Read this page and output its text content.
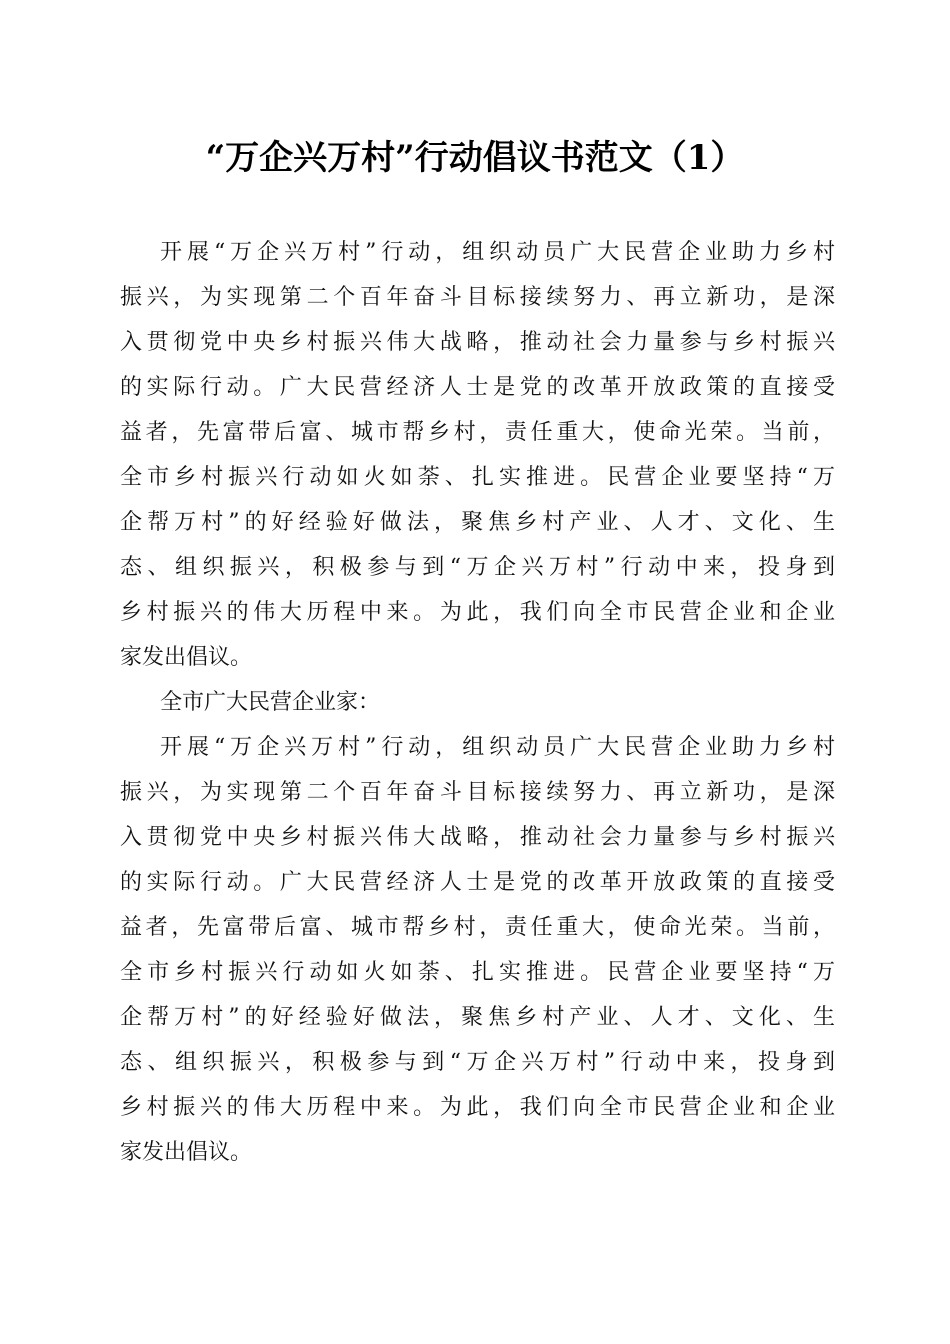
“万企兴万村”行动倡议书范文（1）
开展“万企兴万村”行动，组织动员广大民营企业助力乡村
振兴，为实现第二个百年奋斗目标接续努力、再立新功，是深
入贯彻党中央乡村振兴伟大战略，推动社会力量参与乡村振兴
的实际行动。广大民营经济人士是党的改革开放政策的直接受
益者，先富带后富、城市帮乡村，责任重大，使命光荣。当前，
全市乡村振兴行动如火如荼、扎实推进。民营企业要坚持“万
企帮万村”的好经验好做法，聚焦乡村产业、人才、文化、生
态、组织振兴，积极参与到“万企兴万村”行动中来，投身到
乡村振兴的伟大历程中来。为此，我们向全市民营企业和企业
家发出倡议。
全市广大民营企业家：
开展“万企兴万村”行动，组织动员广大民营企业助力乡村
振兴，为实现第二个百年奋斗目标接续努力、再立新功，是深
入贯彻党中央乡村振兴伟大战略，推动社会力量参与乡村振兴
的实际行动。广大民营经济人士是党的改革开放政策的直接受
益者，先富带后富、城市帮乡村，责任重大，使命光荣。当前，
全市乡村振兴行动如火如荼、扎实推进。民营企业要坚持“万
企帮万村”的好经验好做法，聚焦乡村产业、人才、文化、生
态、组织振兴，积极参与到“万企兴万村”行动中来，投身到
乡村振兴的伟大历程中来。为此，我们向全市民营企业和企业
家发出倡议。
